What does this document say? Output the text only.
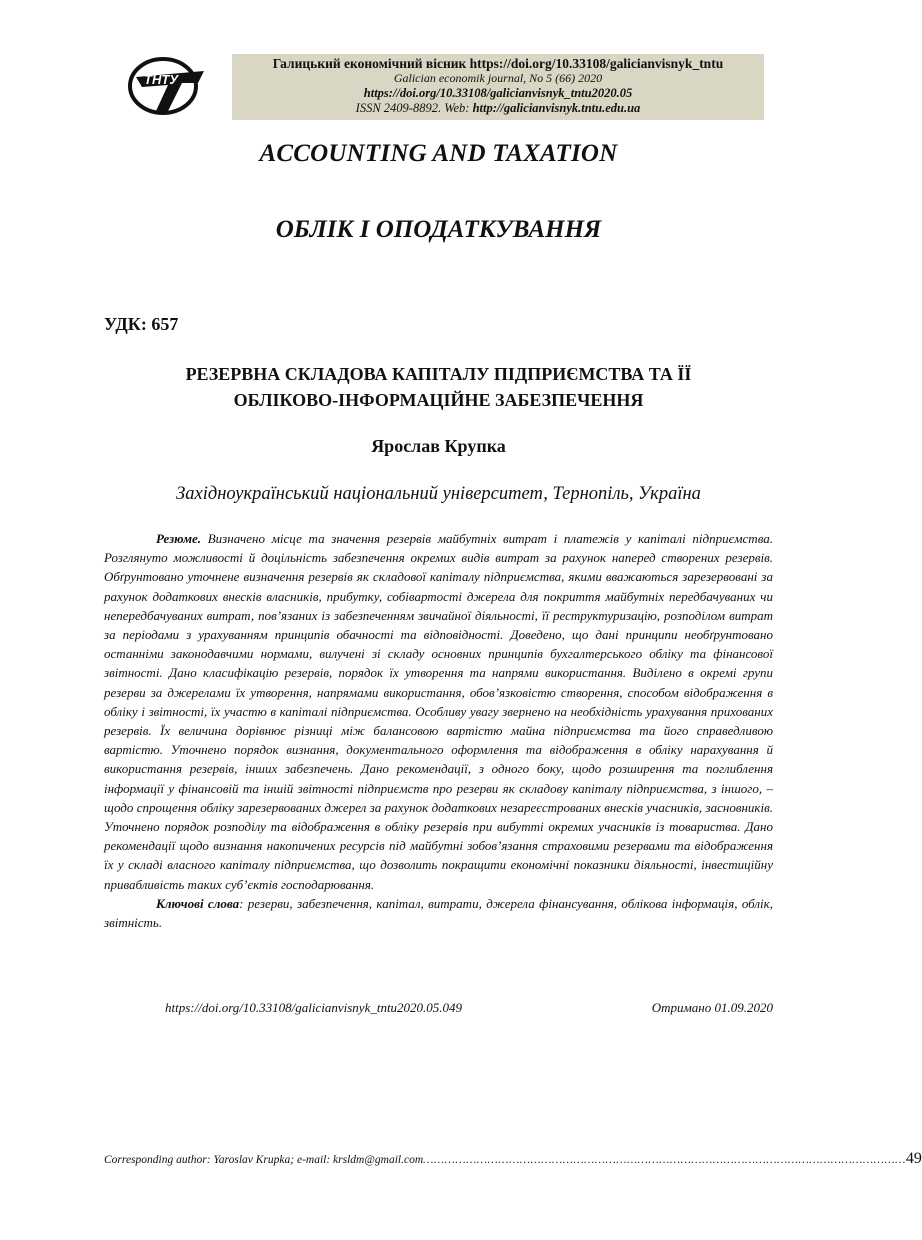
ТНТУ
Галицький економічний вісник https://doi.org/10.33108/galicianvisnyk_tntu
Galician economik journal, No 5 (66) 2020
https://doi.org/10.33108/galicianvisnyk_tntu2020.05
ISSN 2409-8892. Web: http://galicianvisnyk.tntu.edu.ua
ACCOUNTING AND TAXATION
ОБЛІК І ОПОДАТКУВАННЯ
УДК: 657
РЕЗЕРВНА СКЛАДОВА КАПІТАЛУ ПІДПРИЄМСТВА ТА ЇЇ
ОБЛІКОВО-ІНФОРМАЦІЙНЕ ЗАБЕЗПЕЧЕННЯ
Ярослав Крупка
Західноукраїнський національний університет, Тернопіль, Україна

Резюме. Визначено місце та значення резервів майбутніх витрат і платежів у капіталі підприємства. Розглянуто можливості й доцільність забезпечення окремих видів витрат за рахунок наперед створених резервів. Обґрунтовано уточнене визначення резервів як складової капіталу підприємства, якими вважаються зарезервовані за рахунок додаткових внесків власників, прибутку, собівартості джерела для покриття майбутніх передбачуваних чи непередбачуваних витрат, пов’язаних із забезпеченням звичайної діяльності, її реструктуризацію, розподілом витрат за періодами з урахуванням принципів обачності та відповідності. Доведено, що дані принципи необґрунтовано останніми законодавчими нормами, вилучені зі складу основних принципів бухгалтерського обліку та фінансової звітності. Дано класифікацію резервів, порядок їх утворення та напрями використання. Виділено в окремі групи резерви за джерелами їх утворення, напрямами використання, обов’язковістю створення, способом відображення в обліку і звітності, їх участю в капіталі підприємства. Особливу увагу звернено на необхідність урахування прихованих резервів. Їх величина дорівнює різниці між балансовою вартістю майна підприємства та його справедливою вартістю. Уточнено порядок визнання, документального оформлення та відображення в обліку нарахування й використання резервів, інших забезпечень. Дано рекомендації, з одного боку, щодо розширення та поглиблення інформації у фінансовій та іншій звітності підприємств про резерви як складову капіталу підприємства, з іншого, – щодо спрощення обліку зарезервованих джерел за рахунок додаткових незареєстрованих внесків учасників, засновників. Уточнено порядок розподілу та відображення в обліку резервів при вибутті окремих учасників із товариства. Дано рекомендації щодо визнання накопичених ресурсів під майбутні зобов’язання страховими резервами та відображення їх у складі власного капіталу підприємства, що дозволить покращити економічні показники діяльності, інвестиційну привабливість таких суб’єктів господарювання.

Ключові слова: резерви, забезпечення, капітал, витрати, джерела фінансування, облікова інформація, облік, звітність.

https://doi.org/10.33108/galicianvisnyk_tntu2020.05.049	Отримано 01.09.2020
Corresponding author: Yaroslav Krupka; e-mail: krsldm@gmail.com ……………………………………………………………………………………………………………………… 49
